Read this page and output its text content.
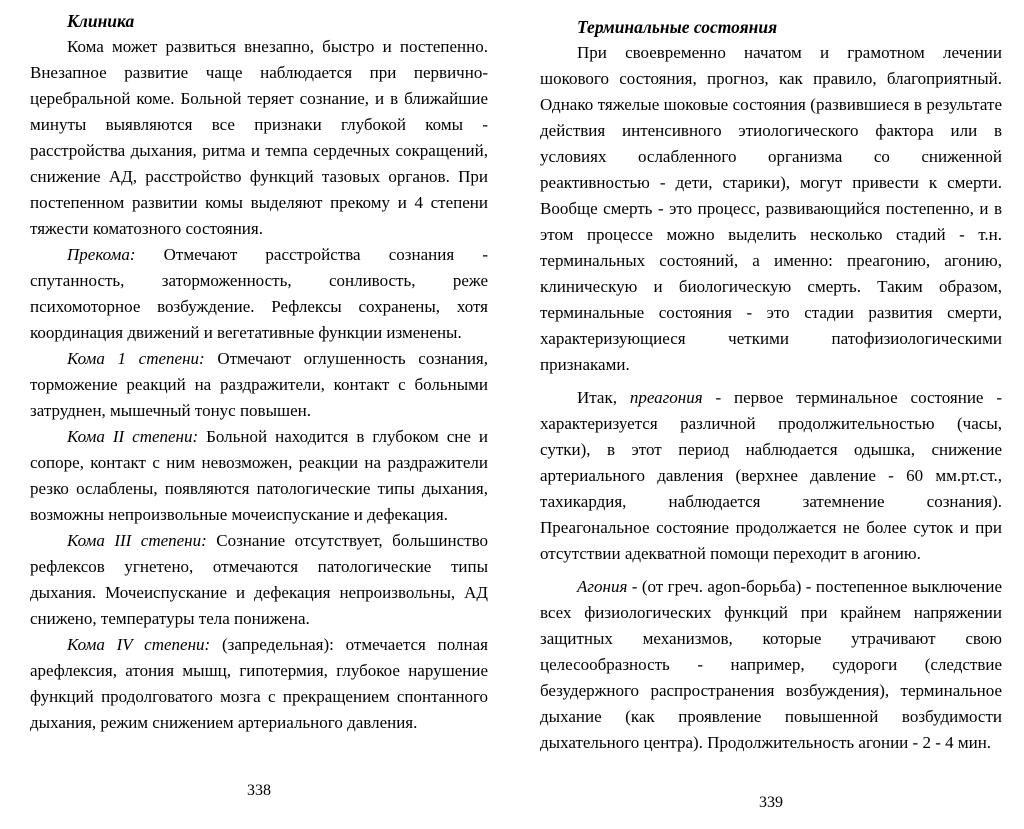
Клиника

Кома может развиться внезапно, быстро и постепенно. Внезапное развитие чаще наблюдается при первично-церебральной коме. Больной теряет сознание, и в ближайшие минуты выявляются все признаки глубокой комы - расстройства дыхания, ритма и темпа сердечных сокращений, снижение АД, расстройство функций тазовых органов. При постепенном развитии комы выделяют прекому и 4 степени тяжести коматозного состояния.

Прекома: Отмечают расстройства сознания - спутанность, заторможенность, сонливость, реже психомоторное возбуждение. Рефлексы сохранены, хотя координация движений и вегетативные функции изменены.

Кома 1 степени: Отмечают оглушенность сознания, торможение реакций на раздражители, контакт с больными затруднен, мышечный тонус повышен.

Кома II степени: Больной находится в глубоком сне и сопоре, контакт с ним невозможен, реакции на раздражители резко ослаблены, появляются патологические типы дыхания, возможны непроизвольные мочеиспускание и дефекация.

Кома III степени: Сознание отсутствует, большинство рефлексов угнетено, отмечаются патологические типы дыхания. Мочеиспускание и дефекация непроизвольны, АД снижено, температуры тела понижена.

Кома IV степени: (запредельная): отмечается полная арефлексия, атония мышц, гипотермия, глубокое нарушение функций продолговатого мозга с прекращением спонтанного дыхания, режим снижением артериального давления.

338
Терминальные состояния

При своевременно начатом и грамотном лечении шокового состояния, прогноз, как правило, благоприятный. Однако тяжелые шоковые состояния (развившиеся в результате действия интенсивного этиологического фактора или в условиях ослабленного организма со сниженной реактивностью - дети, старики), могут привести к смерти. Вообще смерть - это процесс, развивающийся постепенно, и в этом процессе можно выделить несколько стадий - т.н. терминальных состояний, а именно: преагонию, агонию, клиническую и биологическую смерть. Таким образом, терминальные состояния - это стадии развития смерти, характеризующиеся четкими патофизиологическими признаками.

Итак, преагония - первое терминальное состояние - характеризуется различной продолжительностью (часы, сутки), в этот период наблюдается одышка, снижение артериального давления (верхнее давление - 60 мм.рт.ст., тахикардия, наблюдается затемнение сознания). Преагональное состояние продолжается не более суток и при отсутствии адекватной помощи переходит в агонию.

Агония - (от греч. agon-борьба) - постепенное выключение всех физиологических функций при крайнем напряжении защитных механизмов, которые утрачивают свою целесообразность - например, судороги (следствие безудержного распространения возбуждения), терминальное дыхание (как проявление повышенной возбудимости дыхательного центра). Продолжительность агонии - 2 - 4 мин.

339
